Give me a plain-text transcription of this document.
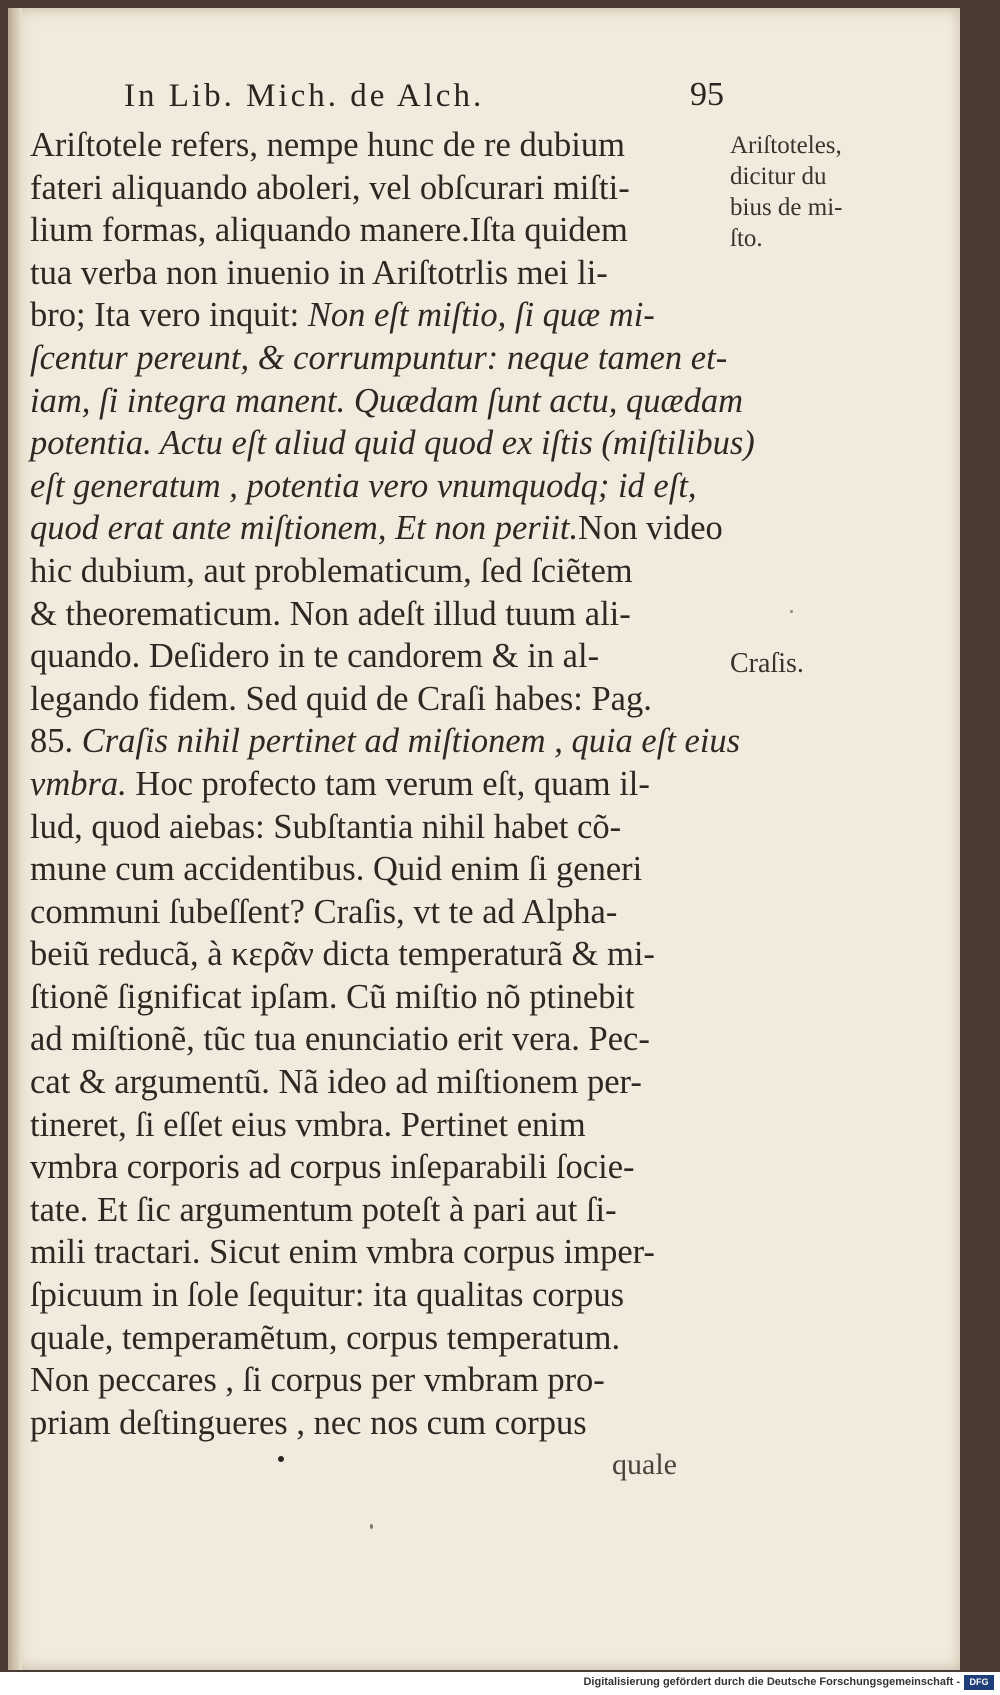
In Lib. Mich. de Alch.	95
Ariſtotele refers, nempe hunc de re dubium
fateri aliquando aboleri, vel obſcurari miſti-
lium formas, aliquando manere.Iſta quidem
tua verba non inuenio in Ariſtotrlis mei li-
bro; Ita vero inquit: Non eſt miſtio, ſi quæ mi-
ſcentur pereunt, & corrumpuntur: neque tamen et-
iam, ſi integra manent. Quædam ſunt actu, quædam
potentia. Actu eſt aliud quid quod ex iſtis (miſtilibus)
eſt generatum , potentia vero vnumquodq; id eſt,
quod erat ante miſtionem, Et non periit.Non video
hic dubium, aut problematicum, ſed ſciẽtem
& theorematicum. Non adeſt illud tuum ali-
quando. Deſidero in te candorem & in al-
legando fidem. Sed quid de Craſi habes: Pag.
85. Craſis nihil pertinet ad miſtionem , quia eſt eius
vmbra. Hoc profecto tam verum eſt, quam il-
lud, quod aiebas: Subſtantia nihil habet cõ-
mune cum accidentibus. Quid enim ſi generi
communi ſubeſſent? Craſis, vt te ad Alpha-
beiũ reducã, à κερᾶν dicta temperaturã & mi-
ſtionẽ ſignificat ipſam. Cũ miſtio nõ ptinebit
ad miſtionẽ, tũc tua enunciatio erit vera. Pec-
cat & argumentũ. Nã ideo ad miſtionem per-
tineret, ſi eſſet eius vmbra. Pertinet enim
vmbra corporis ad corpus inſeparabili ſocie-
tate. Et ſic argumentum poteſt à pari aut ſi-
mili tractari. Sicut enim vmbra corpus imper-
ſpicuum in ſole ſequitur: ita qualitas corpus
quale, temperamẽtum, corpus temperatum.
Non peccares , ſi corpus per vmbram pro-
priam deſtingueres , nec nos cum corpus
Ariſtoteles,
dicitur du
bius de mi-
ſto.
Craſis.
quale
Digitalisierung gefördert durch die Deutsche Forschungsgemeinschaft -	DFG
